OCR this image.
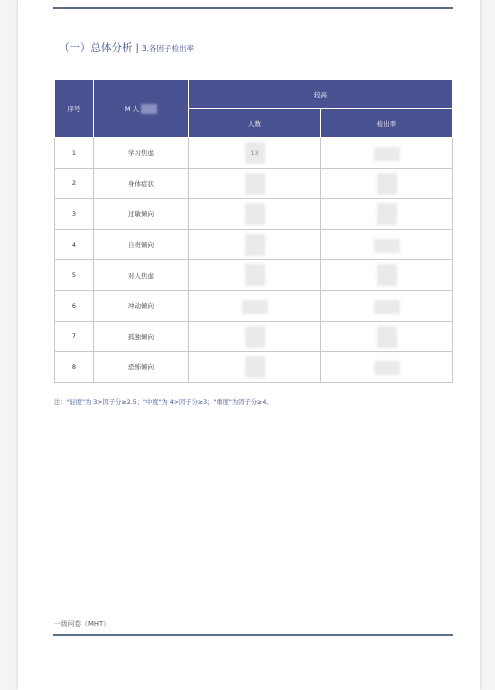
（一）总体分析 | 3.各因子检出率
序号	M 人	较高	
		人数	检出率
1	学习焦虑	13	

2	身体症状	

3	过敏倾向	

4	自责倾向	

5	对人焦虑	

6	冲动倾向	

7	孤独倾向	

8	恐怖倾向	

注："轻度"为 3>因子分≥2.5；"中度"为 4>因子分≥3；"重度"为因子分≥4。
一级问卷（MHT）
